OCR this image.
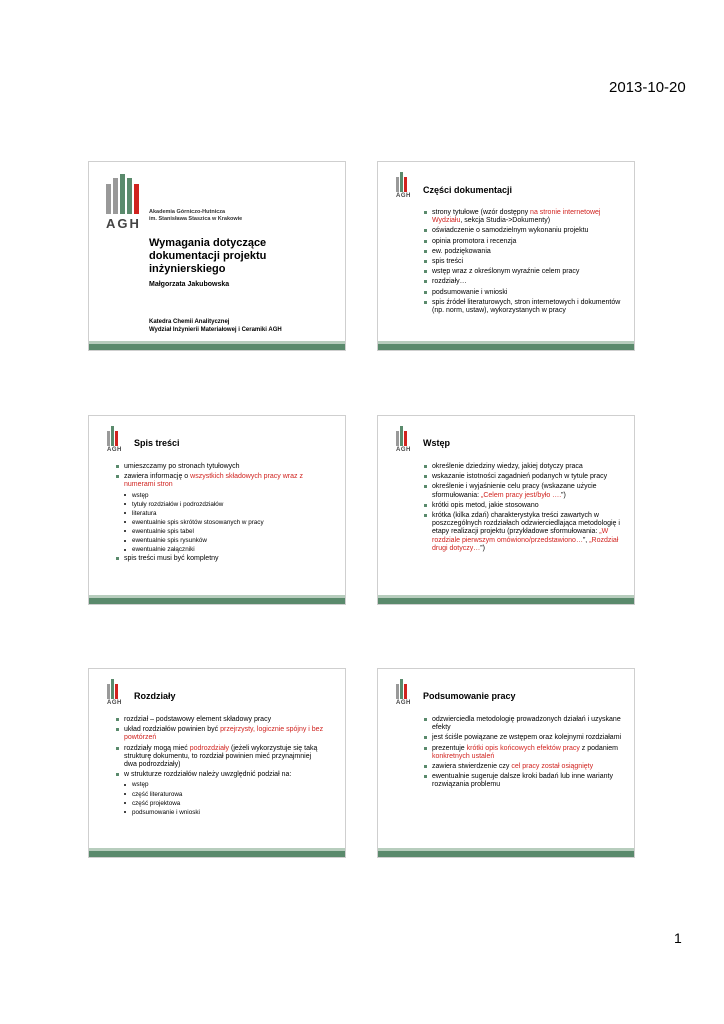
2013-10-20
AGH
Akademia Górniczo-Hutnicza
im. Stanisława Staszica w Krakowie
Wymagania dotyczące dokumentacji projektu inżynierskiego
Małgorzata Jakubowska
Katedra Chemii Analitycznej
Wydział Inżynierii Materiałowej i Ceramiki AGH
AGH
Części dokumentacji
strony tytułowe (wzór dostępny na stronie internetowej Wydziału, sekcja Studia->Dokumenty)
oświadczenie o samodzielnym wykonaniu projektu
opinia promotora i recenzja
ew. podziękowania
spis treści
wstęp wraz z określonym wyraźnie celem pracy
rozdziały…
podsumowanie i wnioski
spis źródeł literaturowych, stron internetowych i dokumentów (np. norm, ustaw), wykorzystanych w pracy
AGH
Spis treści
umieszczamy po stronach tytułowych
zawiera informację o wszystkich składowych pracy wraz z numerami stron
wstęp
tytuły rozdziałów i podrozdziałów
literatura
ewentualnie spis skrótów stosowanych w pracy
ewentualnie spis tabel
ewentualnie spis rysunków
ewentualnie załączniki
spis treści musi być kompletny
AGH
Wstęp
określenie dziedziny wiedzy, jakiej dotyczy praca
wskazanie istotności zagadnień podanych w tytule pracy
określenie i wyjaśnienie celu pracy (wskazane użycie sformułowania: „Celem pracy jest/było ….”)
krótki opis metod, jakie stosowano
krótka (kilka zdań) charakterystyka treści zawartych w poszczególnych rozdziałach odzwierciedlająca metodologię i etapy realizacji projektu (przykładowe sformułowania: „W rozdziale pierwszym omówiono/przedstawiono…”, „Rozdział drugi dotyczy…”)
AGH
Rozdziały
rozdział – podstawowy element składowy pracy
układ rozdziałów powinien być przejrzysty, logicznie spójny i bez powtórzeń
rozdziały mogą mieć podrozdziały (jeżeli wykorzystuje się taką strukturę dokumentu, to rozdział powinien mieć przynajmniej dwa podrozdziały)
w strukturze rozdziałów należy uwzględnić podział na:
wstęp
część literaturowa
część projektowa
podsumowanie i wnioski
AGH
Podsumowanie pracy
odzwierciedla metodologię prowadzonych działań i uzyskane efekty
jest ściśle powiązane ze wstępem oraz kolejnymi rozdziałami
prezentuje krótki opis końcowych efektów pracy z podaniem konkretnych ustaleń
zawiera stwierdzenie czy cel pracy został osiągnięty
ewentualnie sugeruje dalsze kroki badań lub inne warianty rozwiązania problemu
1
